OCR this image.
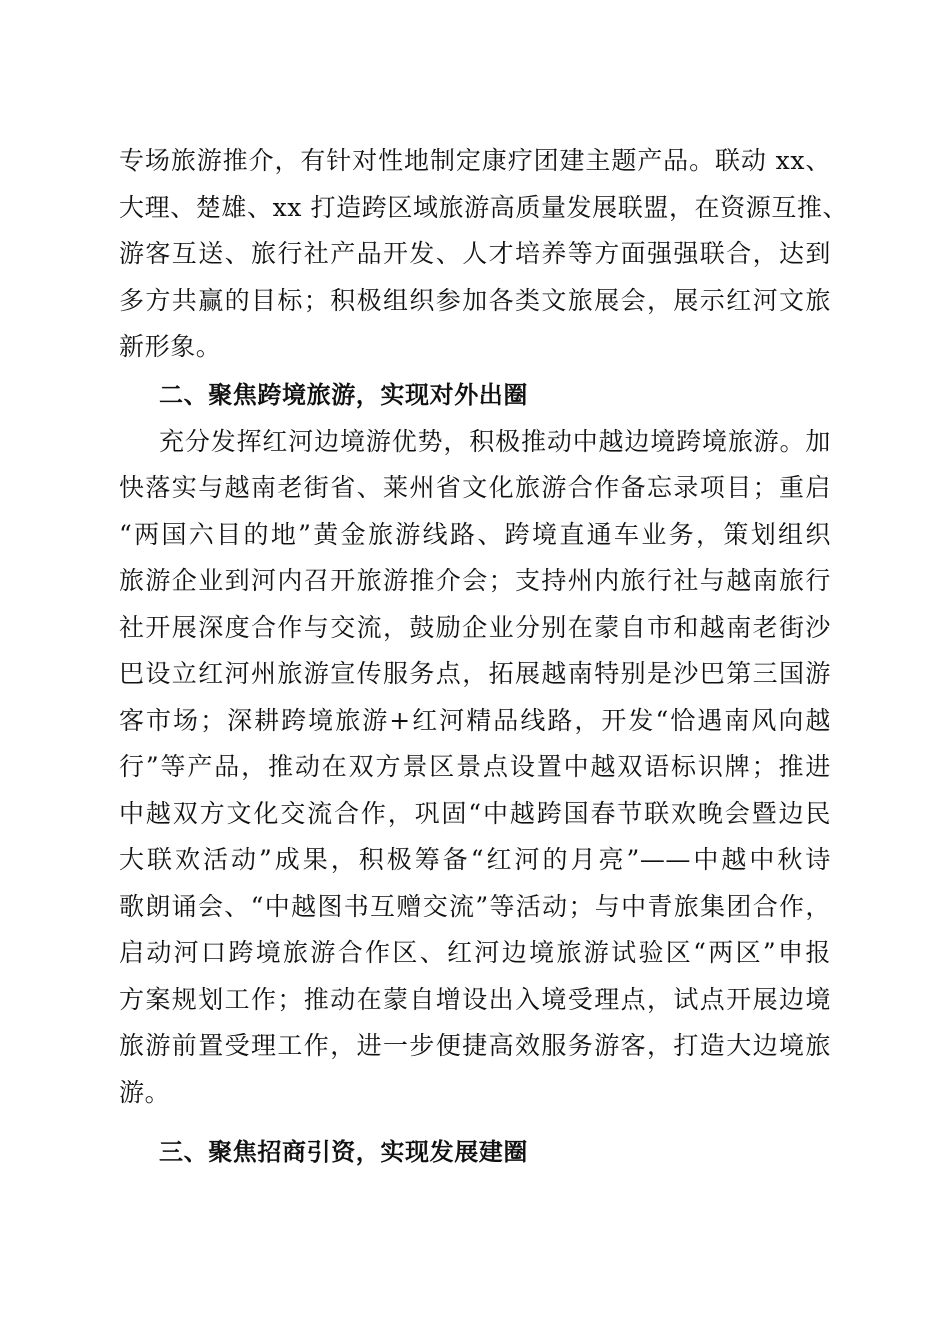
专场旅游推介，有针对性地制定康疗团建主题产品。联动 xx、
大理、楚雄、xx 打造跨区域旅游高质量发展联盟，在资源互推、
游客互送、旅行社产品开发、人才培养等方面强强联合，达到
多方共赢的目标；积极组织参加各类文旅展会，展示红河文旅
新形象。
二、聚焦跨境旅游，实现对外出圈
充分发挥红河边境游优势，积极推动中越边境跨境旅游。加
快落实与越南老街省、莱州省文化旅游合作备忘录项目；重启
“两国六目的地”黄金旅游线路、跨境直通车业务，策划组织
旅游企业到河内召开旅游推介会；支持州内旅行社与越南旅行
社开展深度合作与交流，鼓励企业分别在蒙自市和越南老街沙
巴设立红河州旅游宣传服务点，拓展越南特别是沙巴第三国游
客市场；深耕跨境旅游+红河精品线路，开发“恰遇南风向越
行”等产品，推动在双方景区景点设置中越双语标识牌；推进
中越双方文化交流合作，巩固“中越跨国春节联欢晚会暨边民
大联欢活动”成果，积极筹备“红河的月亮”——中越中秋诗
歌朗诵会、“中越图书互赠交流”等活动；与中青旅集团合作，
启动河口跨境旅游合作区、红河边境旅游试验区“两区”申报
方案规划工作；推动在蒙自增设出入境受理点，试点开展边境
旅游前置受理工作，进一步便捷高效服务游客，打造大边境旅
游。
三、聚焦招商引资，实现发展建圈
